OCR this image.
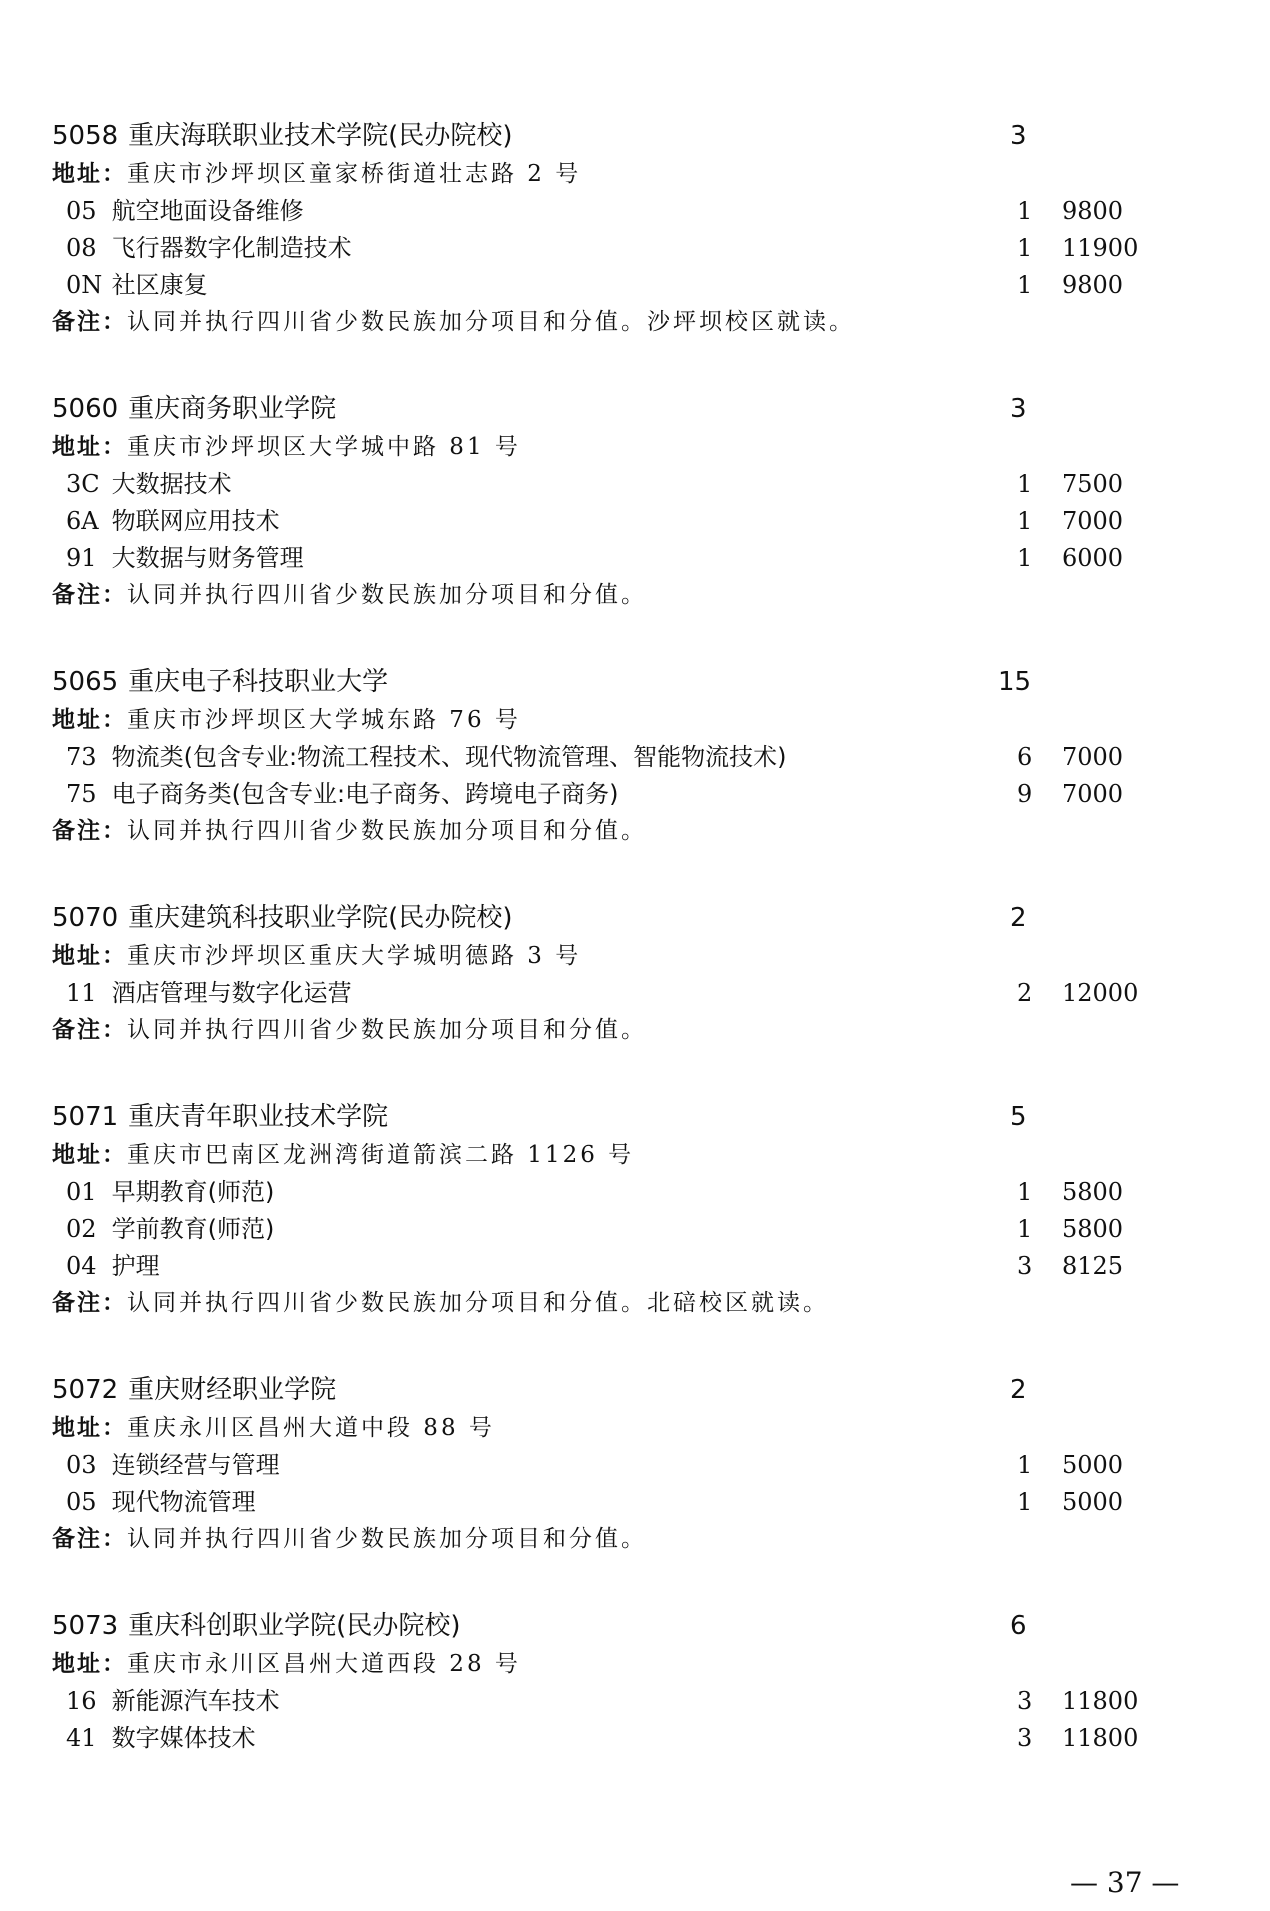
5058 重庆海联职业技术学院(民办院校)	3
地址：重庆市沙坪坝区童家桥街道壮志路 2 号
05 航空地面设备维修	1 9800
08 飞行器数字化制造技术	1 11900
0N 社区康复	1 9800
备注：认同并执行四川省少数民族加分项目和分值。沙坪坝校区就读。
5060 重庆商务职业学院	3
地址：重庆市沙坪坝区大学城中路 81 号
3C 大数据技术	1 7500
6A 物联网应用技术	1 7000
91 大数据与财务管理	1 6000
备注：认同并执行四川省少数民族加分项目和分值。
5065 重庆电子科技职业大学	15
地址：重庆市沙坪坝区大学城东路 76 号
73 物流类(包含专业:物流工程技术、现代物流管理、智能物流技术)	6 7000
75 电子商务类(包含专业:电子商务、跨境电子商务)	9 7000
备注：认同并执行四川省少数民族加分项目和分值。
5070 重庆建筑科技职业学院(民办院校)	2
地址：重庆市沙坪坝区重庆大学城明德路 3 号
11 酒店管理与数字化运营	2 12000
备注：认同并执行四川省少数民族加分项目和分值。
5071 重庆青年职业技术学院	5
地址：重庆市巴南区龙洲湾街道箭滨二路 1126 号
01 早期教育(师范)	1 5800
02 学前教育(师范)	1 5800
04 护理	3 8125
备注：认同并执行四川省少数民族加分项目和分值。北碚校区就读。
5072 重庆财经职业学院	2
地址：重庆永川区昌州大道中段 88 号
03 连锁经营与管理	1 5000
05 现代物流管理	1 5000
备注：认同并执行四川省少数民族加分项目和分值。
5073 重庆科创职业学院(民办院校)	6
地址：重庆市永川区昌州大道西段 28 号
16 新能源汽车技术	3 11800
41 数字媒体技术	3 11800
— 37 —
